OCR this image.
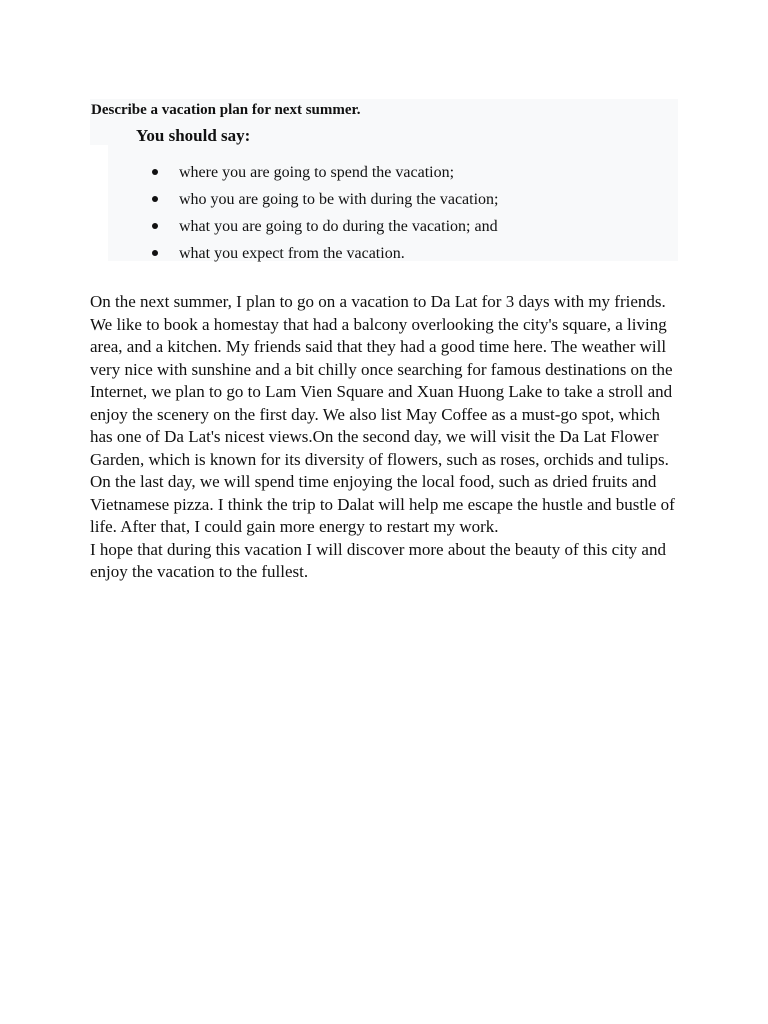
Describe a vacation plan for next summer.
You should say:
where you are going to spend the vacation;
who you are going to be with during the vacation;
what you are going to do during the vacation; and
what you expect from the vacation.

On the next summer, I plan to go on a vacation to Da Lat for 3 days with my friends. We like to book a homestay that had a balcony overlooking the city's square, a living area, and a kitchen. My friends said that they had a good time here. The weather will very nice with sunshine and a bit chilly once searching for famous destinations on the Internet, we plan to go to Lam Vien Square and Xuan Huong Lake to take a stroll and enjoy the scenery on the first day. We also list May Coffee as a must-go spot, which has one of Da Lat's nicest views.On the second day, we will visit the Da Lat Flower Garden, which is known for its diversity of flowers, such as roses, orchids and tulips. On the last day, we will spend time enjoying the local food, such as dried fruits and Vietnamese pizza. I think the trip to Dalat will help me escape the hustle and bustle of life. After that, I could gain more energy to restart my work.

I hope that during this vacation I will discover more about the beauty of this city and enjoy the vacation to the fullest.
